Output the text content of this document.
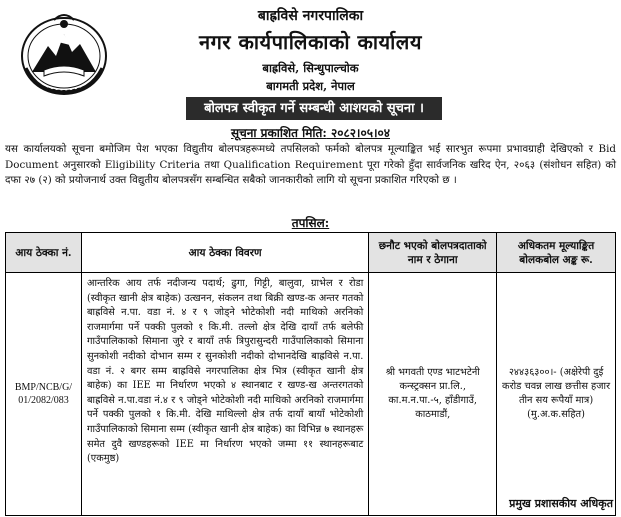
बाह्रविसे नगरपालिका
नगर कार्यपालिकाको कार्यालय
बाह्रविसे, सिन्धुपाल्चोक
बागमती प्रदेश, नेपाल
बोलपत्र स्वीकृत गर्ने सम्बन्धी आशयको सूचना ।
सूचना प्रकाशित मिति: २०८२।०५।०४
यस कार्यालयको सूचना बमोजिम पेश भएका विद्युतीय बोलपत्रहरूमध्ये तपसिलको फर्मको बोलपत्र मूल्याङ्कित भई सारभुत रूपमा प्रभावग्राही देखिएको र Bid Document अनुसारको Eligibility Criteria तथा Qualification Requirement पूरा गरेको हुँदा सार्वजनिक खरिद ऐन, २०६३ (संशोधन सहित) को दफा २७ (२) को प्रयोजनार्थ उक्त विद्युतीय बोलपत्रसँग सम्बन्धित सबैको जानकारीको लागि यो सूचना प्रकाशित गरिएको छ ।
तपसिल:
आय ठेक्का नं.	आय ठेक्का विवरण	छनौट भएको बोलपत्रदाताको नाम र ठेगाना	अधिकतम मूल्याङ्कित बोलकबोल अङ्क रू.
BMP/NCB/G/ 01/2082/083	आन्तरिक आय तर्फ नदीजन्य पदार्थ; ढुगा, गिट्टी, बालुवा, ग्राभेल र रोडा (स्वीकृत खानी क्षेत्र बाहेक) उत्खनन, संकलन तथा बिक्री खण्ड-क अन्तर गतको बाह्रविसे न.पा. वडा नं. ४ र ९ जोड्ने भोटेकोशी नदी माथिको अरनिको राजमार्गमा पर्ने पक्की पुलको १ कि.मी. तल्लो क्षेत्र देखि दायाँ तर्फ बलेफी गाउँपालिकाको सिमाना जुरे र बायाँ तर्फ त्रिपुरासुन्दरी गाउँपालिकाको सिमाना सुनकोशी नदीको दोभान सम्म र सुनकोशी नदीको दोभानदेखि बाह्रविसे न.पा. वडा नं. २ बगर सम्म बाह्रविसे नगरपालिका क्षेत्र भित्र (स्वीकृत खानी क्षेत्र बाहेक) का IEE मा निर्धारण भएको ४ स्थानबाट र खण्ड-ख अन्तरगतको बाह्रविसे न.पा.वडा नं.४ र ९ जोड्ने भोटेकोशी नदी माथिको अरनिको राजमार्गमा पर्ने पक्की पुलको १ कि.मी. देखि माथिल्लो क्षेत्र तर्फ दायाँ बायाँ भोटेकोशी गाउँपालिकाको सिमाना सम्म (स्वीकृत खानी क्षेत्र बाहेक) का विभिन्न ७ स्थानहरू समेत दुवै खण्डहरूको IEE मा निर्धारण भएको जम्मा ११ स्थानहरूबाट (एकमुष्ठ)	श्री भगवती एण्ड भाटभटेनी कन्स्ट्रक्सन प्रा.लि., का.म.न.पा.-५, हाँडीगाउँ, काठमाडौं,	२४४३६३००।- (अक्षेरेपी दुई करोड चवन्न लाख छत्तीस हजार तीन सय रूपैयाँ मात्र) (मु.अ.क.सहित)
प्रमुख प्रशासकीय अधिकृत
